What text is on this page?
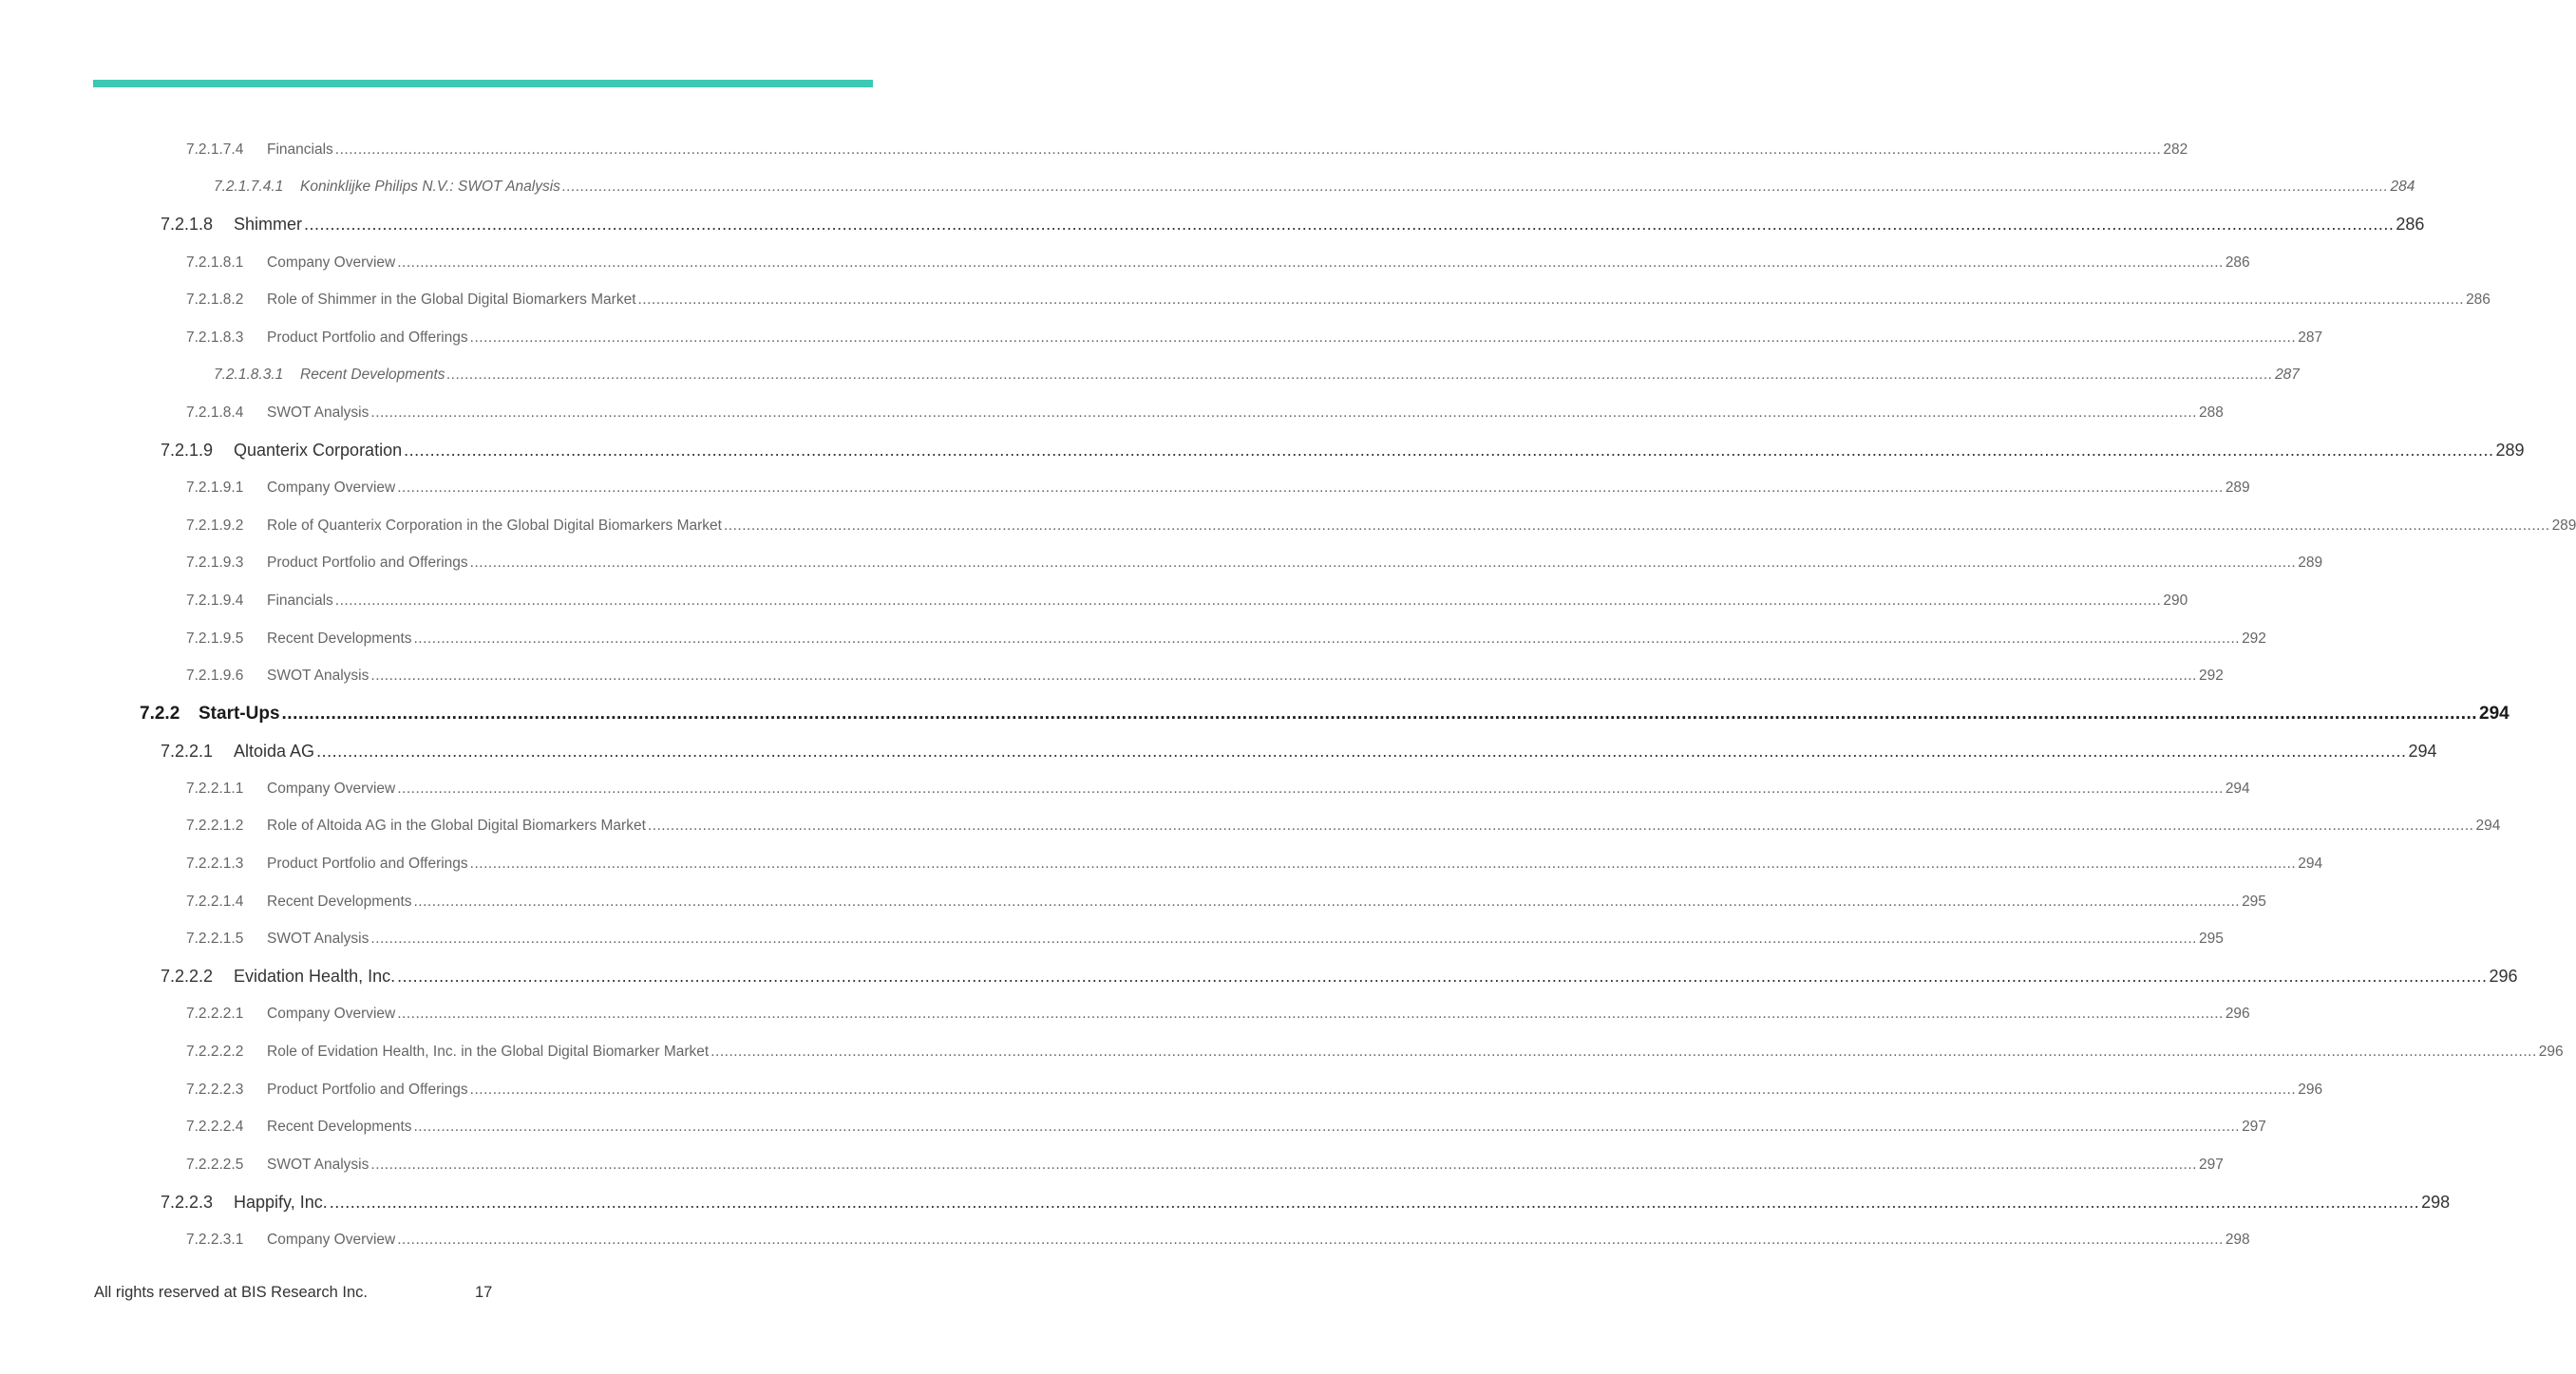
7.2.1.7.4	Financials ................................................................................................................................................................................................................................................................................................................................................................................................................ 282
7.2.1.7.4.1	Koninklijke Philips N.V.: SWOT Analysis ................................................................................................................................................................................................................................................................................................................................................................................................................ 284
7.2.1.8	Shimmer ................................................................................................................................................................................................................................................................................................................................................................................................................ 286
7.2.1.8.1	Company Overview ................................................................................................................................................................................................................................................................................................................................................................................................................ 286
7.2.1.8.2	Role of Shimmer in the Global Digital Biomarkers Market ................................................................................................................................................................................................................................................................................................................................................................................................................ 286
7.2.1.8.3	Product Portfolio and Offerings ................................................................................................................................................................................................................................................................................................................................................................................................................ 287
7.2.1.8.3.1	Recent Developments ................................................................................................................................................................................................................................................................................................................................................................................................................ 287
7.2.1.8.4	SWOT Analysis ................................................................................................................................................................................................................................................................................................................................................................................................................ 288
7.2.1.9	Quanterix Corporation ................................................................................................................................................................................................................................................................................................................................................................................................................ 289
7.2.1.9.1	Company Overview ................................................................................................................................................................................................................................................................................................................................................................................................................ 289
7.2.1.9.2	Role of Quanterix Corporation in the Global Digital Biomarkers Market ................................................................................................................................................................................................................................................................................................................................................................................................................ 289
7.2.1.9.3	Product Portfolio and Offerings ................................................................................................................................................................................................................................................................................................................................................................................................................ 289
7.2.1.9.4	Financials ................................................................................................................................................................................................................................................................................................................................................................................................................ 290
7.2.1.9.5	Recent Developments ................................................................................................................................................................................................................................................................................................................................................................................................................ 292
7.2.1.9.6	SWOT Analysis ................................................................................................................................................................................................................................................................................................................................................................................................................ 292
7.2.2	Start-Ups ................................................................................................................................................................................................................................................................................................................................................................................................................ 294
7.2.2.1	Altoida AG ................................................................................................................................................................................................................................................................................................................................................................................................................ 294
7.2.2.1.1	Company Overview ................................................................................................................................................................................................................................................................................................................................................................................................................ 294
7.2.2.1.2	Role of Altoida AG in the Global Digital Biomarkers Market ................................................................................................................................................................................................................................................................................................................................................................................................................ 294
7.2.2.1.3	Product Portfolio and Offerings ................................................................................................................................................................................................................................................................................................................................................................................................................ 294
7.2.2.1.4	Recent Developments ................................................................................................................................................................................................................................................................................................................................................................................................................ 295
7.2.2.1.5	SWOT Analysis ................................................................................................................................................................................................................................................................................................................................................................................................................ 295
7.2.2.2	Evidation Health, Inc. ................................................................................................................................................................................................................................................................................................................................................................................................................ 296
7.2.2.2.1	Company Overview ................................................................................................................................................................................................................................................................................................................................................................................................................ 296
7.2.2.2.2	Role of Evidation Health, Inc. in the Global Digital Biomarker Market ................................................................................................................................................................................................................................................................................................................................................................................................................ 296
7.2.2.2.3	Product Portfolio and Offerings ................................................................................................................................................................................................................................................................................................................................................................................................................ 296
7.2.2.2.4	Recent Developments ................................................................................................................................................................................................................................................................................................................................................................................................................ 297
7.2.2.2.5	SWOT Analysis ................................................................................................................................................................................................................................................................................................................................................................................................................ 297
7.2.2.3	Happify, Inc. ................................................................................................................................................................................................................................................................................................................................................................................................................ 298
7.2.2.3.1	Company Overview ................................................................................................................................................................................................................................................................................................................................................................................................................ 298
All rights reserved at BIS Research Inc.	17
